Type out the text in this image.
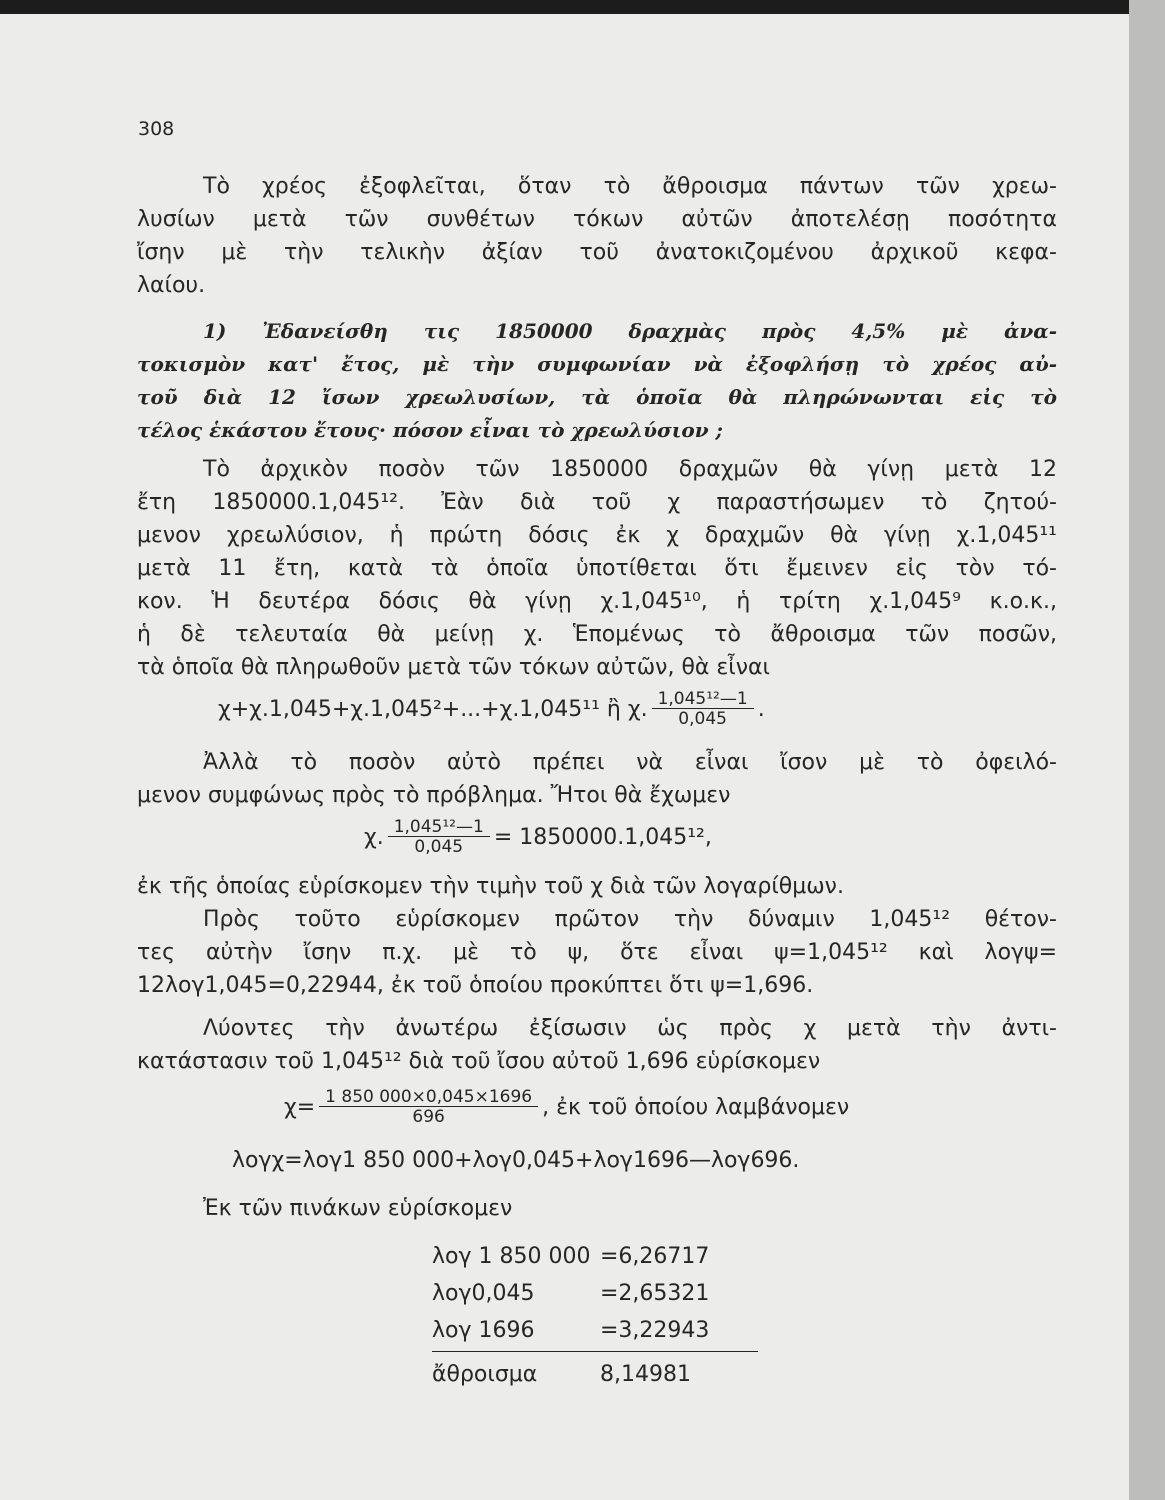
308
Τὸ χρέος ἐξοφλεῖται, ὅταν τὸ ἄθροισμα πάντων τῶν χρεω-
λυσίων μετὰ τῶν συνθέτων τόκων αὐτῶν ἀποτελέσῃ ποσότητα
ἴσην μὲ τὴν τελικὴν ἀξίαν τοῦ ἀνατοκιζομένου ἀρχικοῦ κεφα-
λαίου.
1) Ἐδανείσθη τις 1850000 δραχμὰς πρὸς 4,5% μὲ ἀνα-
τοκισμὸν κατ' ἔτος, μὲ τὴν συμφωνίαν νὰ ἐξοφλήσῃ τὸ χρέος αὐ-
τοῦ διὰ 12 ἴσων χρεωλυσίων, τὰ ὁποῖα θὰ πληρώνωνται εἰς τὸ
τέλος ἑκάστου ἔτους· πόσον εἶναι τὸ χρεωλύσιον ;
Τὸ ἀρχικὸν ποσὸν τῶν 1850000 δραχμῶν θὰ γίνῃ μετὰ 12
ἔτη 1850000.1,045¹². Ἐὰν διὰ τοῦ χ παραστήσωμεν τὸ ζητού-
μενον χρεωλύσιον, ἡ πρώτη δόσις ἐκ χ δραχμῶν θὰ γίνῃ χ.1,045¹¹
μετὰ 11 ἔτη, κατὰ τὰ ὁποῖα ὑποτίθεται ὅτι ἔμεινεν εἰς τὸν τό-
κον. Ἡ δευτέρα δόσις θὰ γίνῃ χ.1,045¹⁰, ἡ τρίτη χ.1,045⁹ κ.ο.κ.,
ἡ δὲ τελευταία θὰ μείνῃ χ. Ἑπομένως τὸ ἄθροισμα τῶν ποσῶν,
τὰ ὁποῖα θὰ πληρωθοῦν μετὰ τῶν τόκων αὐτῶν, θὰ εἶναι
χ+χ.1,045+χ.1,045²+...+χ.1,045¹¹ ἢ χ. $\frac{\text{1,045¹²—1}}{0,045}$ .
Ἀλλὰ τὸ ποσὸν αὐτὸ πρέπει νὰ εἶναι ἴσον μὲ τὸ ὀφειλό-
μενον συμφώνως πρὸς τὸ πρόβλημα. Ἤτοι θὰ ἔχωμεν
χ. $\frac{\text{1,045¹²—1}}{0,045} = 1850000.1,045^{12}$,
ἐκ τῆς ὁποίας εὑρίσκομεν τὴν τιμὴν τοῦ χ διὰ τῶν λογαρίθμων.
Πρὸς τοῦτο εὑρίσκομεν πρῶτον τὴν δύναμιν 1,045¹² θέτον-
τες αὐτὴν ἴσην π.χ. μὲ τὸ ψ, ὅτε εἶναι ψ=1,045¹² καὶ λογψ=
12λογ1,045=0,22944, ἐκ τοῦ ὁποίου προκύπτει ὅτι ψ=1,696.
Λύοντες τὴν ἀνωτέρω ἐξίσωσιν ὡς πρὸς χ μετὰ τὴν ἀντι-
κατάστασιν τοῦ 1,045¹² διὰ τοῦ ἴσου αὐτοῦ 1,696 εὑρίσκομεν
$\chi= \frac{1 850 000\times 0,045\times 1696}{696}$ , ἐκ τοῦ ὁποίου λαμβάνομεν
λογχ=λογ1 850 000+λογ0,045+λογ1696—λογ696.
Ἐκ τῶν πινάκων εὑρίσκομεν
λογ 1 850 000 =6,26717
λογ0,045	=2,65321
λογ 1696	=3,22943
ἄθροισμα	8,14981
